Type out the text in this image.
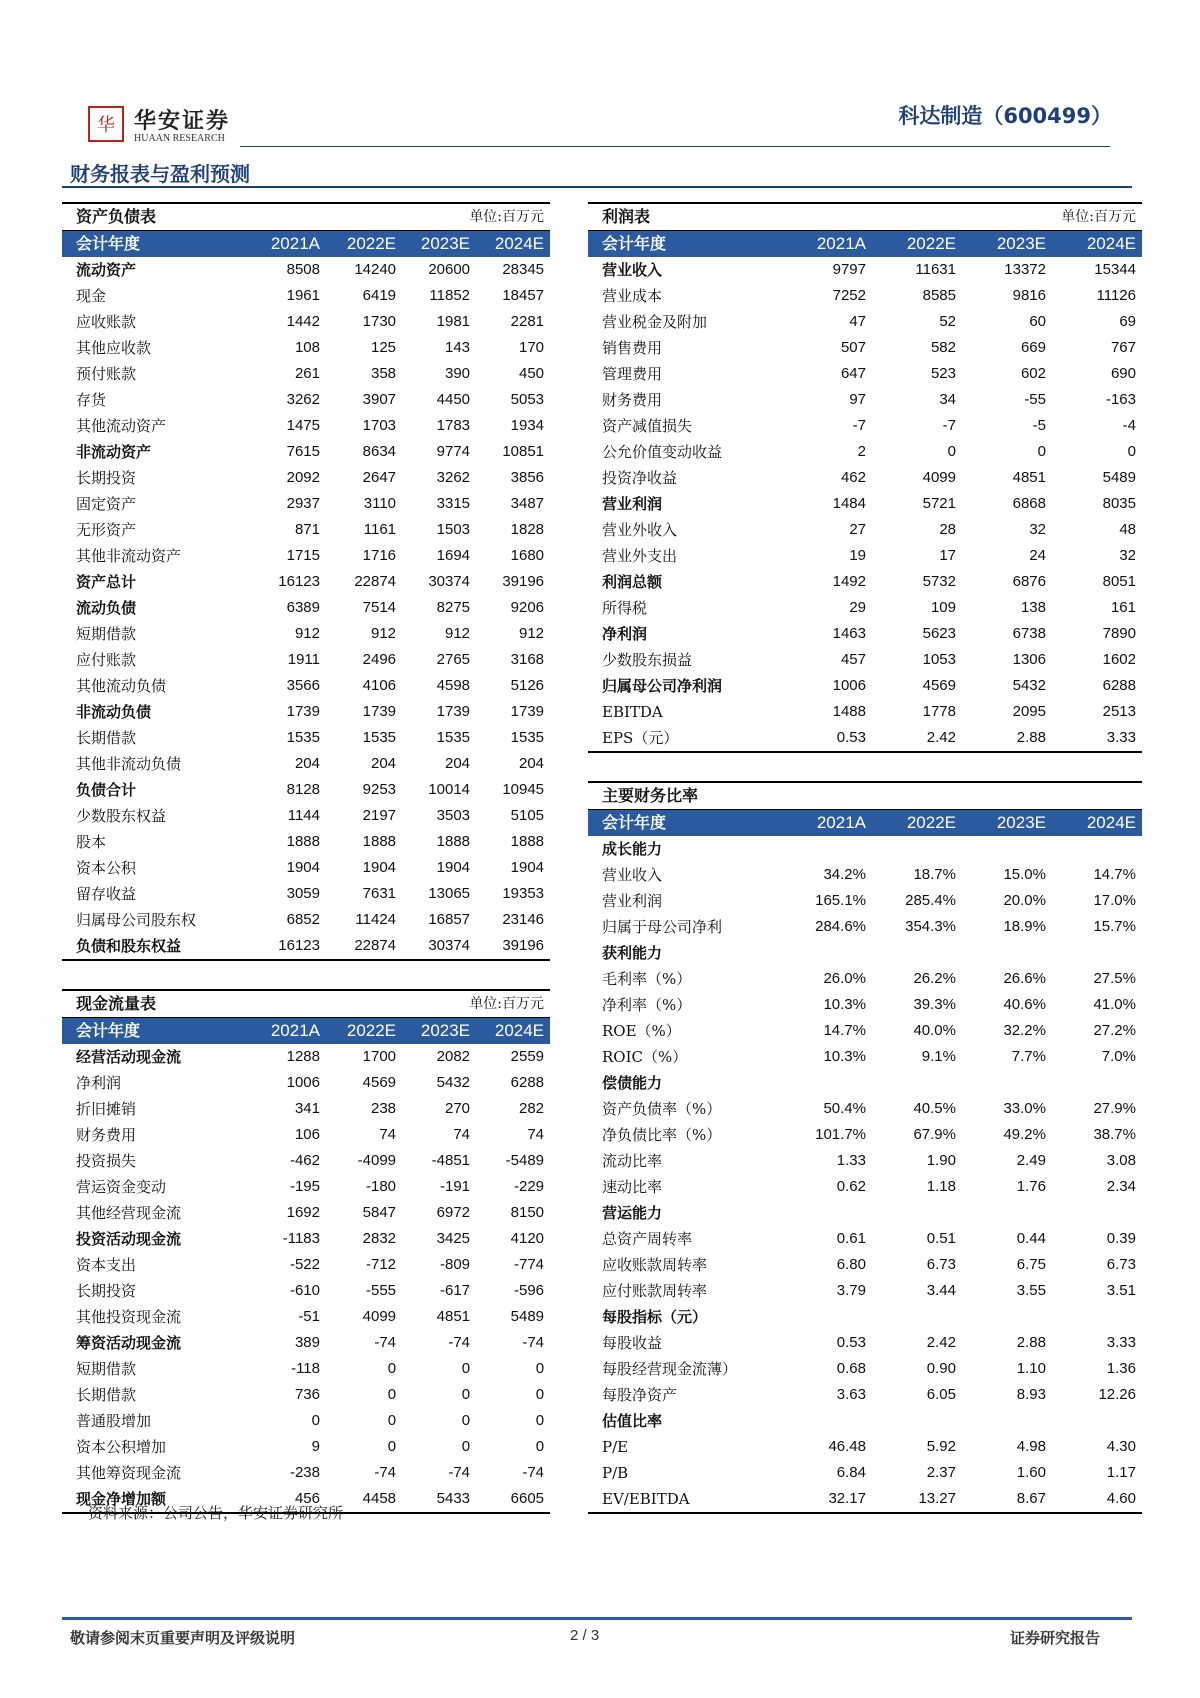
华 华安证券
HUAAN RESEARCH
科达制造（600499）
财务报表与盈利预测
资产负债表			单位:百万元	
会计年度	2021A	2022E	2023E	2024E
流动资产	8508	14240	20600	28345
现金	1961	6419	11852	18457
应收账款	1442	1730	1981	2281
其他应收款	108	125	143	170
预付账款	261	358	390	450
存货	3262	3907	4450	5053
其他流动资产	1475	1703	1783	1934
非流动资产	7615	8634	9774	10851
长期投资	2092	2647	3262	3856
固定资产	2937	3110	3315	3487
无形资产	871	1161	1503	1828
其他非流动资产	1715	1716	1694	1680
资产总计	16123	22874	30374	39196
流动负债	6389	7514	8275	9206
短期借款	912	912	912	912
应付账款	1911	2496	2765	3168
其他流动负债	3566	4106	4598	5126
非流动负债	1739	1739	1739	1739
长期借款	1535	1535	1535	1535
其他非流动负债	204	204	204	204
负债合计	8128	9253	10014	10945
少数股东权益	1144	2197	3503	5105
股本	1888	1888	1888	1888
资本公积	1904	1904	1904	1904
留存收益	3059	7631	13065	19353
归属母公司股东权	6852	11424	16857	23146
负债和股东权益	16123	22874	30374	39196

现金流量表			单位:百万元	
会计年度	2021A	2022E	2023E	2024E
经营活动现金流	1288	1700	2082	2559
净利润	1006	4569	5432	6288
折旧摊销	341	238	270	282
财务费用	106	74	74	74
投资损失	-462	-4099	-4851	-5489
营运资金变动	-195	-180	-191	-229
其他经营现金流	1692	5847	6972	8150
投资活动现金流	-1183	2832	3425	4120
资本支出	-522	-712	-809	-774
长期投资	-610	-555	-617	-596
其他投资现金流	-51	4099	4851	5489
筹资活动现金流	389	-74	-74	-74
短期借款	-118	0	0	0
长期借款	736	0	0	0
普通股增加	0	0	0	0
资本公积增加	9	0	0	0
其他筹资现金流	-238	-74	-74	-74
现金净增加额	456	4458	5433	6605
利润表			单位:百万元	
会计年度	2021A	2022E	2023E	2024E
营业收入	9797	11631	13372	15344
营业成本	7252	8585	9816	11126
营业税金及附加	47	52	60	69
销售费用	507	582	669	767
管理费用	647	523	602	690
财务费用	97	34	-55	-163
资产减值损失	-7	-7	-5	-4
公允价值变动收益	2	0	0	0
投资净收益	462	4099	4851	5489
营业利润	1484	5721	6868	8035
营业外收入	27	28	32	48
营业外支出	19	17	24	32
利润总额	1492	5732	6876	8051
所得税	29	109	138	161
净利润	1463	5623	6738	7890
少数股东损益	457	1053	1306	1602
归属母公司净利润	1006	4569	5432	6288
EBITDA	1488	1778	2095	2513
EPS（元）	0.53	2.42	2.88	3.33

主要财务比率				
会计年度	2021A	2022E	2023E	2024E
成长能力				
营业收入	34.2%	18.7%	15.0%	14.7%
营业利润	165.1%	285.4%	20.0%	17.0%
归属于母公司净利	284.6%	354.3%	18.9%	15.7%
获利能力				
毛利率（%）	26.0%	26.2%	26.6%	27.5%
净利率（%）	10.3%	39.3%	40.6%	41.0%
ROE（%）	14.7%	40.0%	32.2%	27.2%
ROIC（%）	10.3%	9.1%	7.7%	7.0%
偿债能力				
资产负债率（%）	50.4%	40.5%	33.0%	27.9%
净负债比率（%）	101.7%	67.9%	49.2%	38.7%
流动比率	1.33	1.90	2.49	3.08
速动比率	0.62	1.18	1.76	2.34
营运能力				
总资产周转率	0.61	0.51	0.44	0.39
应收账款周转率	6.80	6.73	6.75	6.73
应付账款周转率	3.79	3.44	3.55	3.51
每股指标（元）				
每股收益	0.53	2.42	2.88	3.33
每股经营现金流薄）	0.68	0.90	1.10	1.36
每股净资产	3.63	6.05	8.93	12.26
估值比率				
P/E	46.48	5.92	4.98	4.30
P/B	6.84	2.37	1.60	1.17
EV/EBITDA	32.17	13.27	8.67	4.60
资料来源：公司公告，华安证券研究所
敬请参阅末页重要声明及评级说明	2 / 3	证券研究报告
